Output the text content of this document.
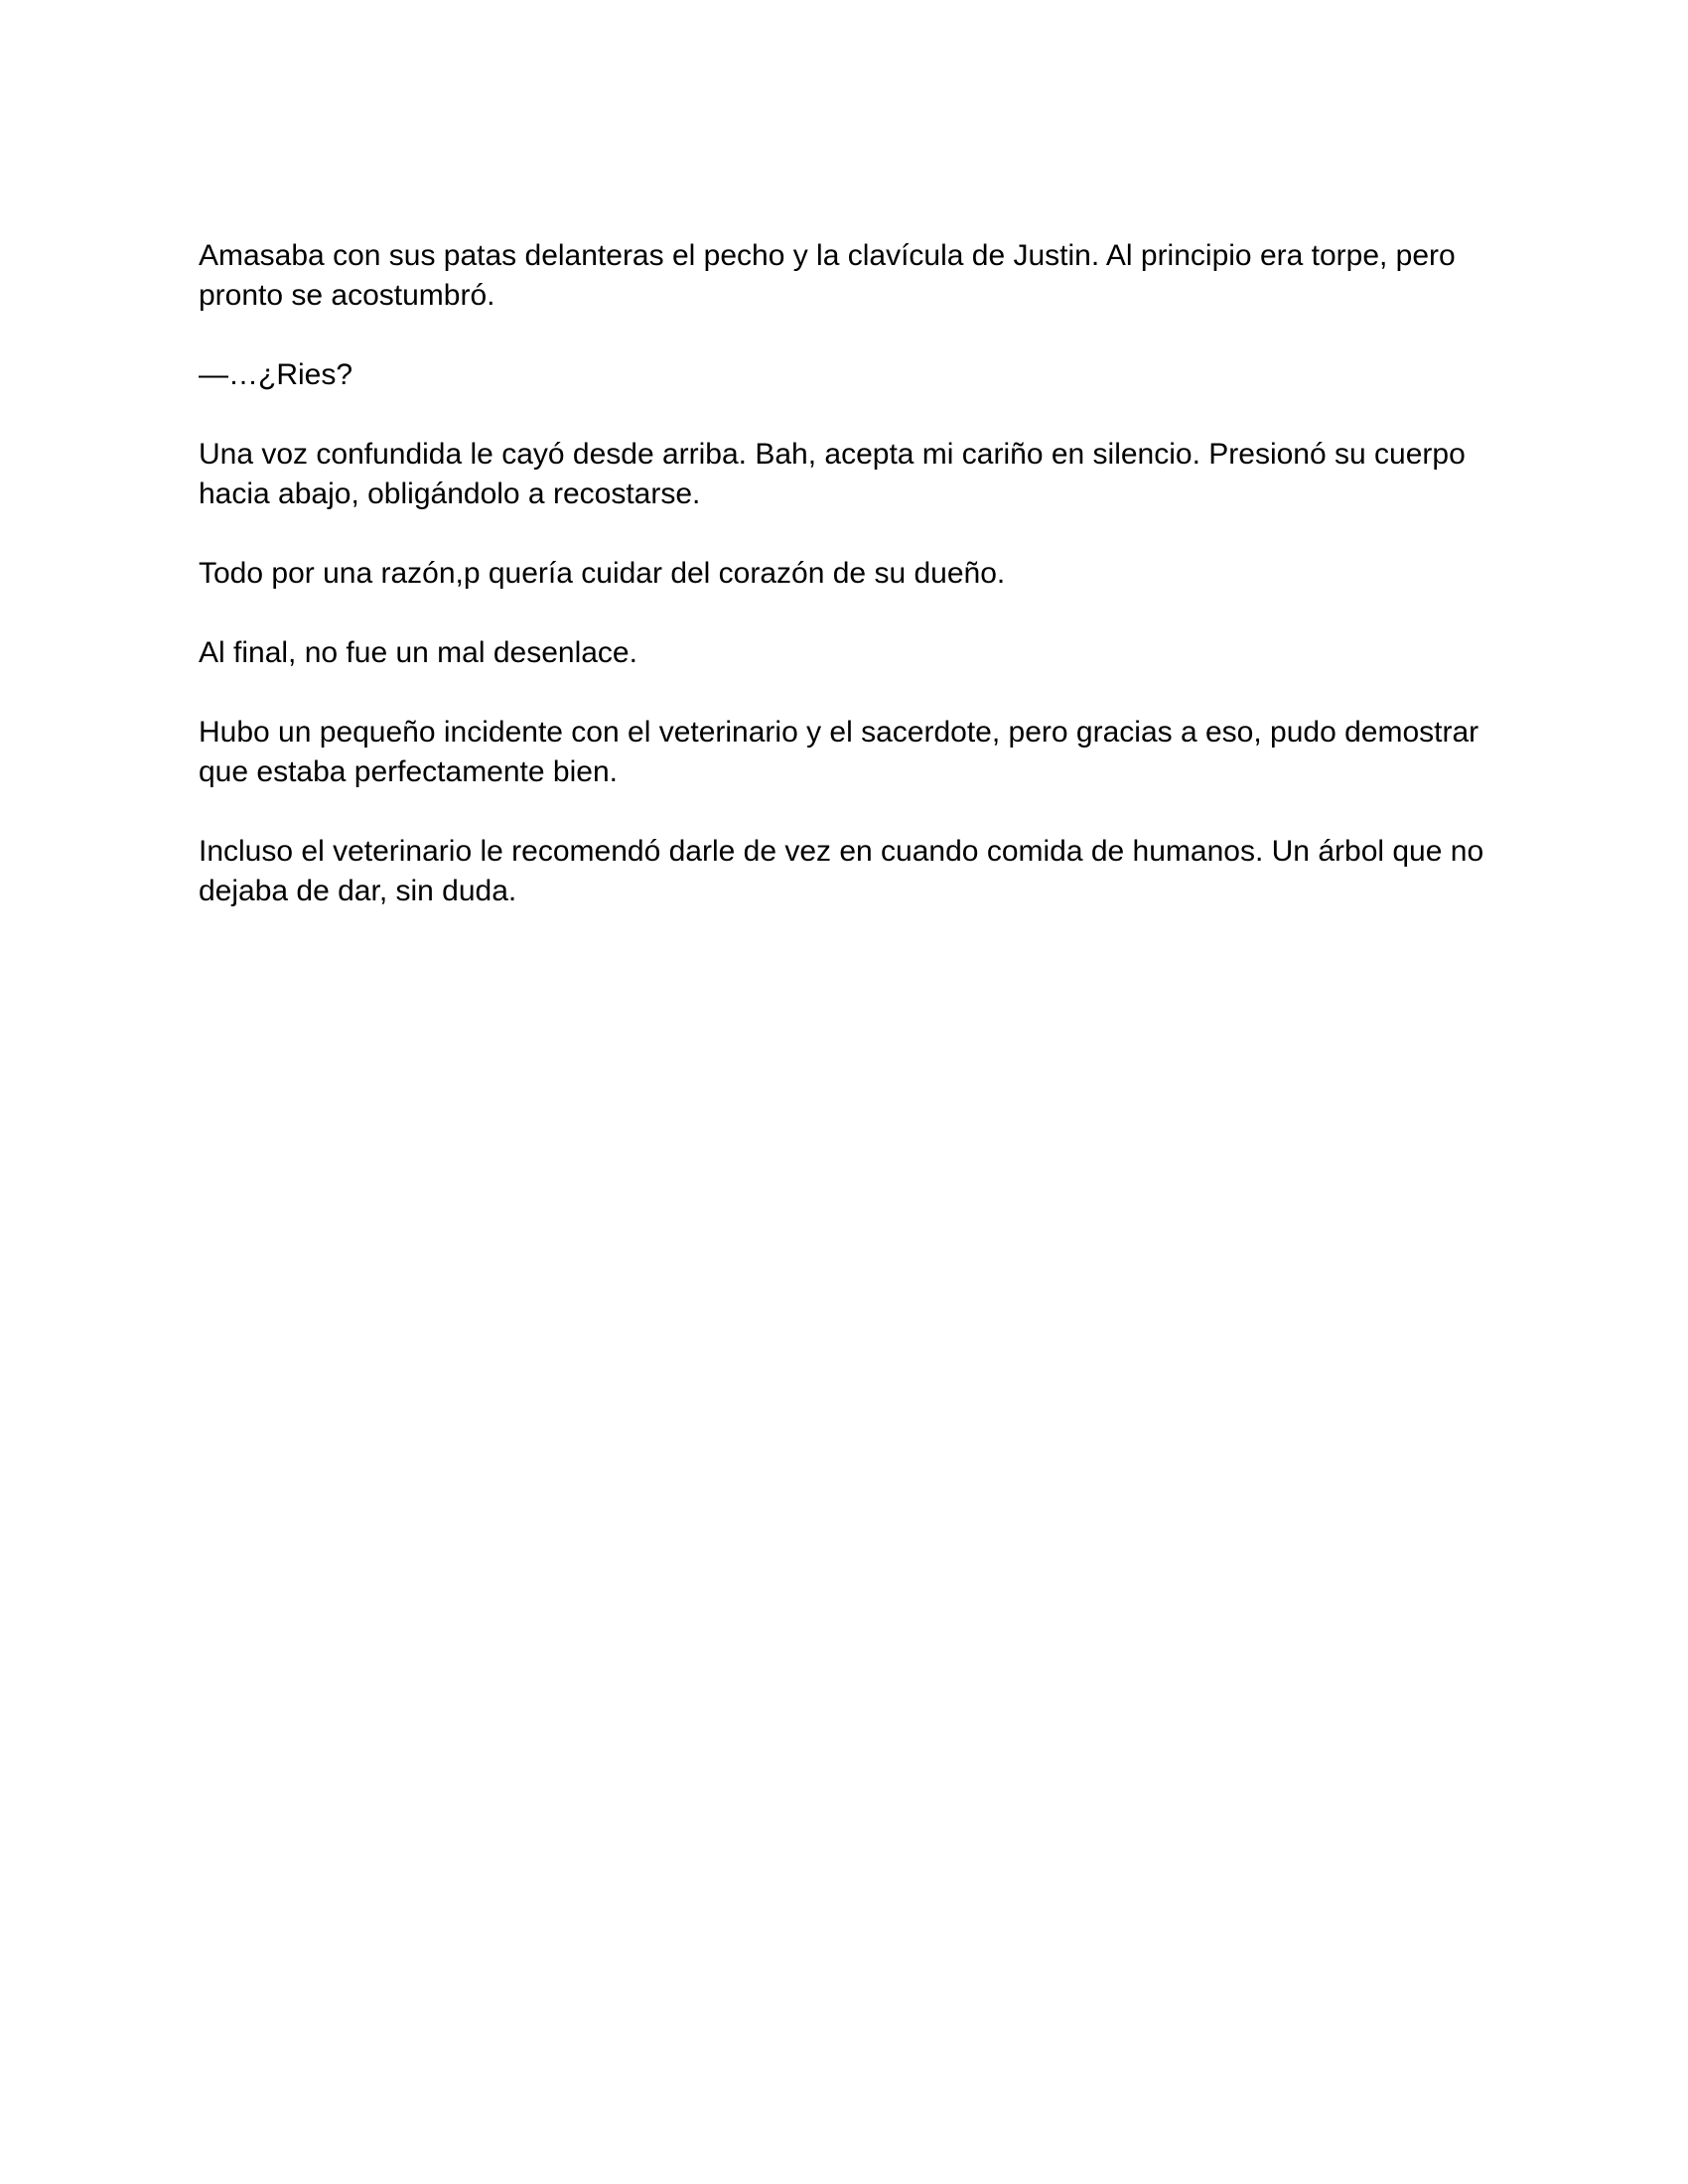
Amasaba con sus patas delanteras el pecho y la clavícula de Justin. Al principio era torpe, pero pronto se acostumbró.

—…¿Ries?

Una voz confundida le cayó desde arriba. Bah, acepta mi cariño en silencio. Presionó su cuerpo hacia abajo, obligándolo a recostarse.

Todo por una razón,p quería cuidar del corazón de su dueño.

Al final, no fue un mal desenlace.

Hubo un pequeño incidente con el veterinario y el sacerdote, pero gracias a eso, pudo demostrar que estaba perfectamente bien.

Incluso el veterinario le recomendó darle de vez en cuando comida de humanos. Un árbol que no dejaba de dar, sin duda.
